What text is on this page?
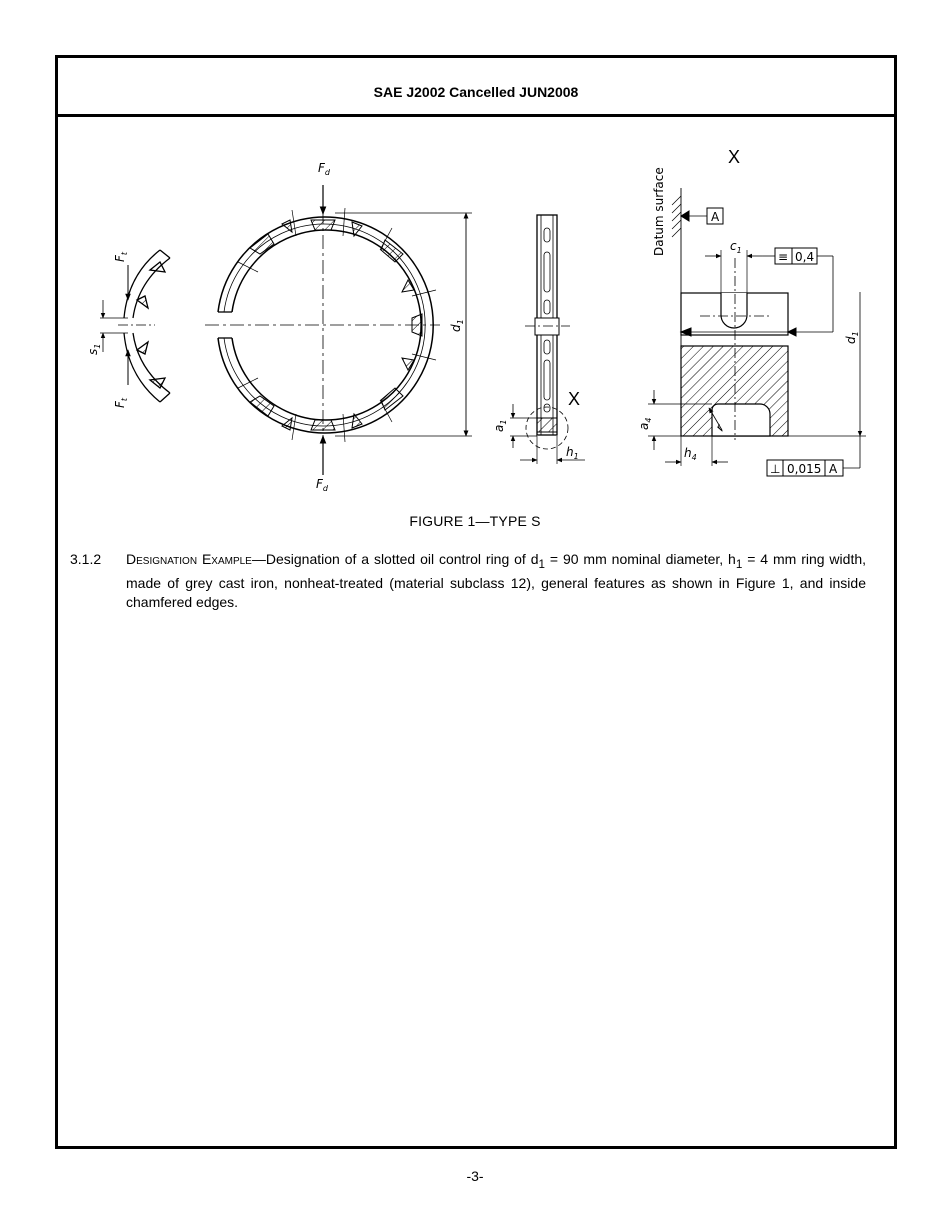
SAE J2002 Cancelled JUN2008
$F_t$
$F_t$
$s_1$
$F_d$
$F_d$
$d_1$
$a_1$
$h_1$
X
X
Datum surface	A
$c_1$	≡ 0,4
$d_1$
$a_4$
$h_4$
r
⊥ 0,015 A
FIGURE 1—TYPE S
3.1.2 Designation Example—Designation of a slotted oil control ring of $d_1 = 90$ mm nominal diameter, $h_1 = 4$ mm ring width, made of grey cast iron, nonheat-treated (material subclass 12), general features as shown in Figure 1, and inside chamfered edges.
-3-
